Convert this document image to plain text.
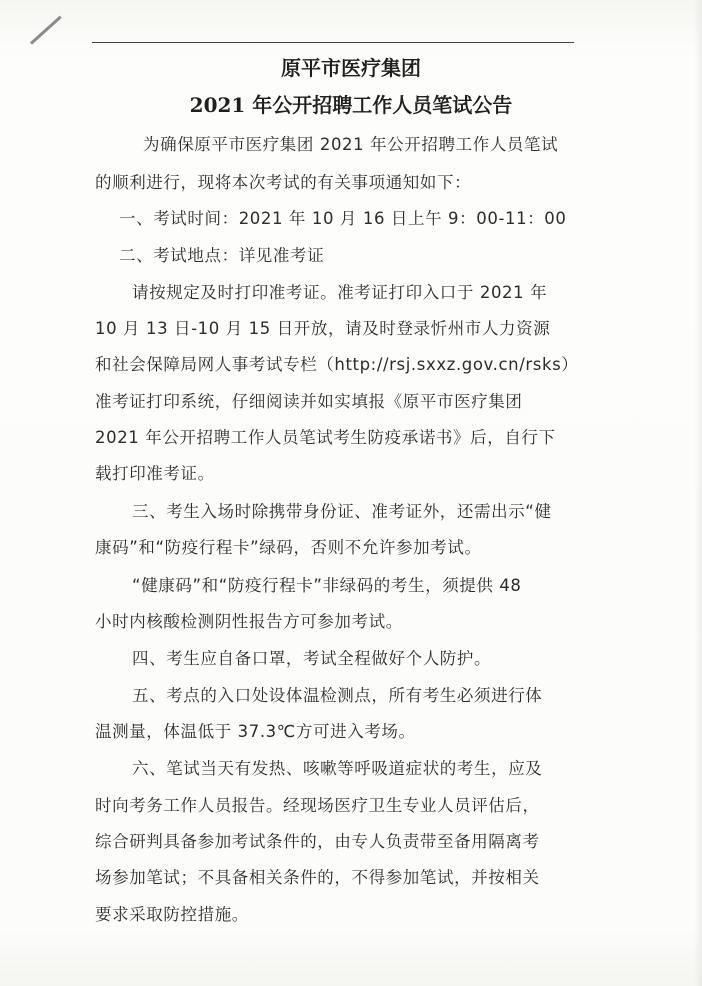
原平市医疗集团
2021 年公开招聘工作人员笔试公告
为确保原平市医疗集团 2021 年公开招聘工作人员笔试
的顺利进行，现将本次考试的有关事项通知如下：
一、考试时间：2021 年 10 月 16 日上午 9：00-11：00
二、考试地点：详见准考证
请按规定及时打印准考证。准考证打印入口于 2021 年
10 月 13 日-10 月 15 日开放，请及时登录忻州市人力资源
和社会保障局网人事考试专栏（http://rsj.sxxz.gov.cn/rsks）
准考证打印系统，仔细阅读并如实填报《原平市医疗集团
2021 年公开招聘工作人员笔试考生防疫承诺书》后，自行下
载打印准考证。
三、考生入场时除携带身份证、准考证外，还需出示“健
康码”和“防疫行程卡”绿码，否则不允许参加考试。
“健康码”和“防疫行程卡”非绿码的考生，须提供 48
小时内核酸检测阴性报告方可参加考试。
四、考生应自备口罩，考试全程做好个人防护。
五、考点的入口处设体温检测点，所有考生必须进行体
温测量，体温低于 37.3℃方可进入考场。
六、笔试当天有发热、咳嗽等呼吸道症状的考生，应及
时向考务工作人员报告。经现场医疗卫生专业人员评估后，
综合研判具备参加考试条件的，由专人负责带至备用隔离考
场参加笔试；不具备相关条件的，不得参加笔试，并按相关
要求采取防控措施。
